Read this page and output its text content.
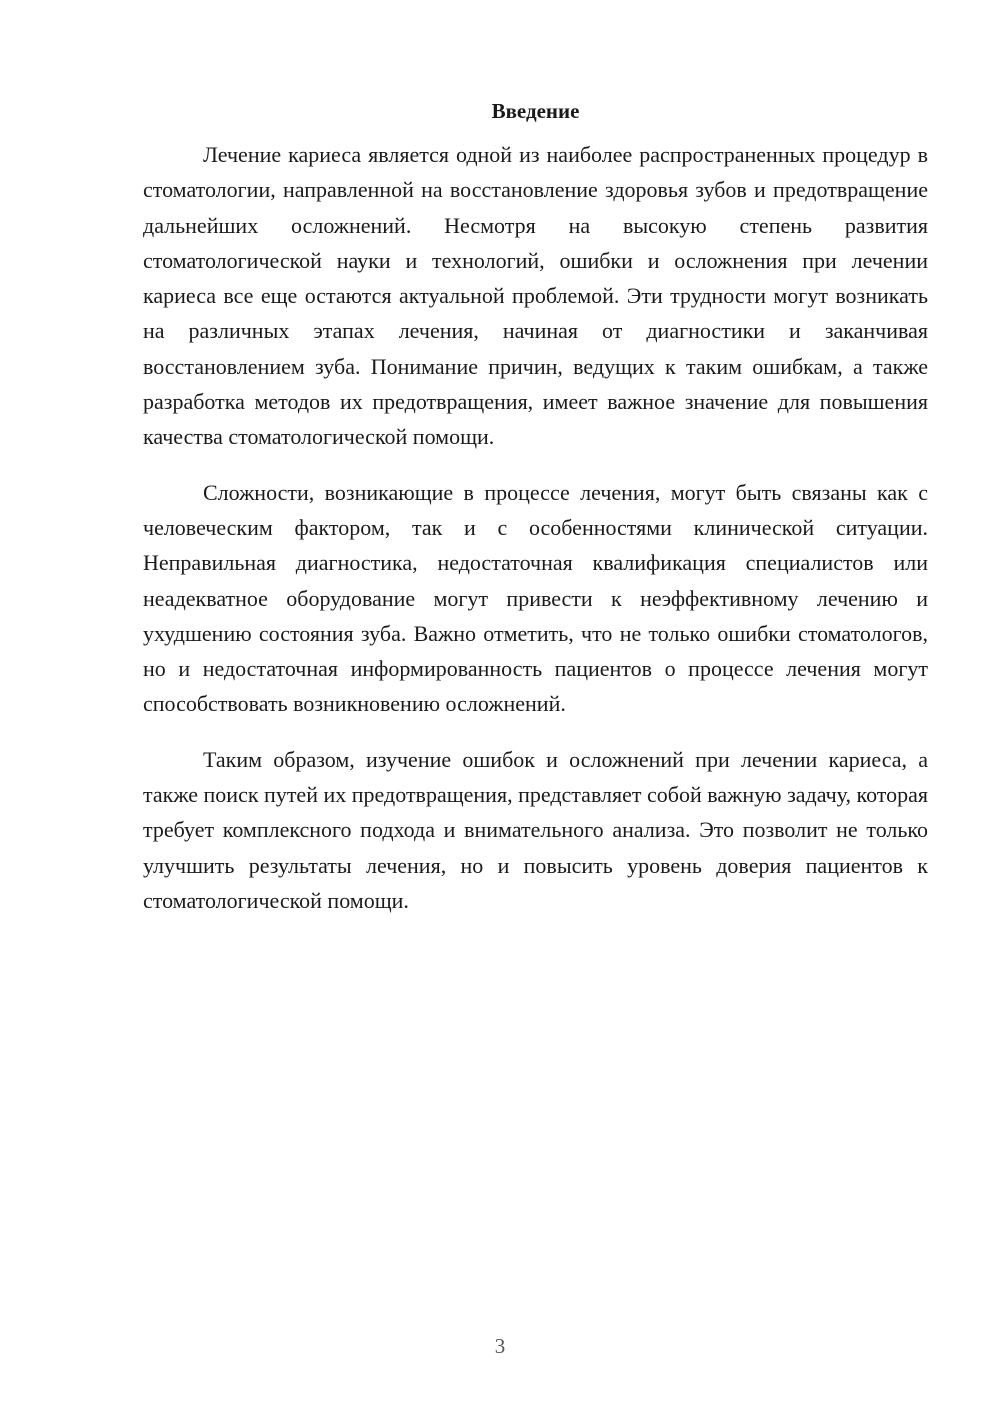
Введение

Лечение кариеса является одной из наиболее распространенных процедур в стоматологии, направленной на восстановление здоровья зубов и предотвращение дальнейших осложнений. Несмотря на высокую степень развития стоматологической науки и технологий, ошибки и осложнения при лечении кариеса все еще остаются актуальной проблемой. Эти трудности могут возникать на различных этапах лечения, начиная от диагностики и заканчивая восстановлением зуба. Понимание причин, ведущих к таким ошибкам, а также разработка методов их предотвращения, имеет важное значение для повышения качества стоматологической помощи.

Сложности, возникающие в процессе лечения, могут быть связаны как с человеческим фактором, так и с особенностями клинической ситуации. Неправильная диагностика, недостаточная квалификация специалистов или неадекватное оборудование могут привести к неэффективному лечению и ухудшению состояния зуба. Важно отметить, что не только ошибки стоматологов, но и недостаточная информированность пациентов о процессе лечения могут способствовать возникновению осложнений.

Таким образом, изучение ошибок и осложнений при лечении кариеса, а также поиск путей их предотвращения, представляет собой важную задачу, которая требует комплексного подхода и внимательного анализа. Это позволит не только улучшить результаты лечения, но и повысить уровень доверия пациентов к стоматологической помощи.

3
